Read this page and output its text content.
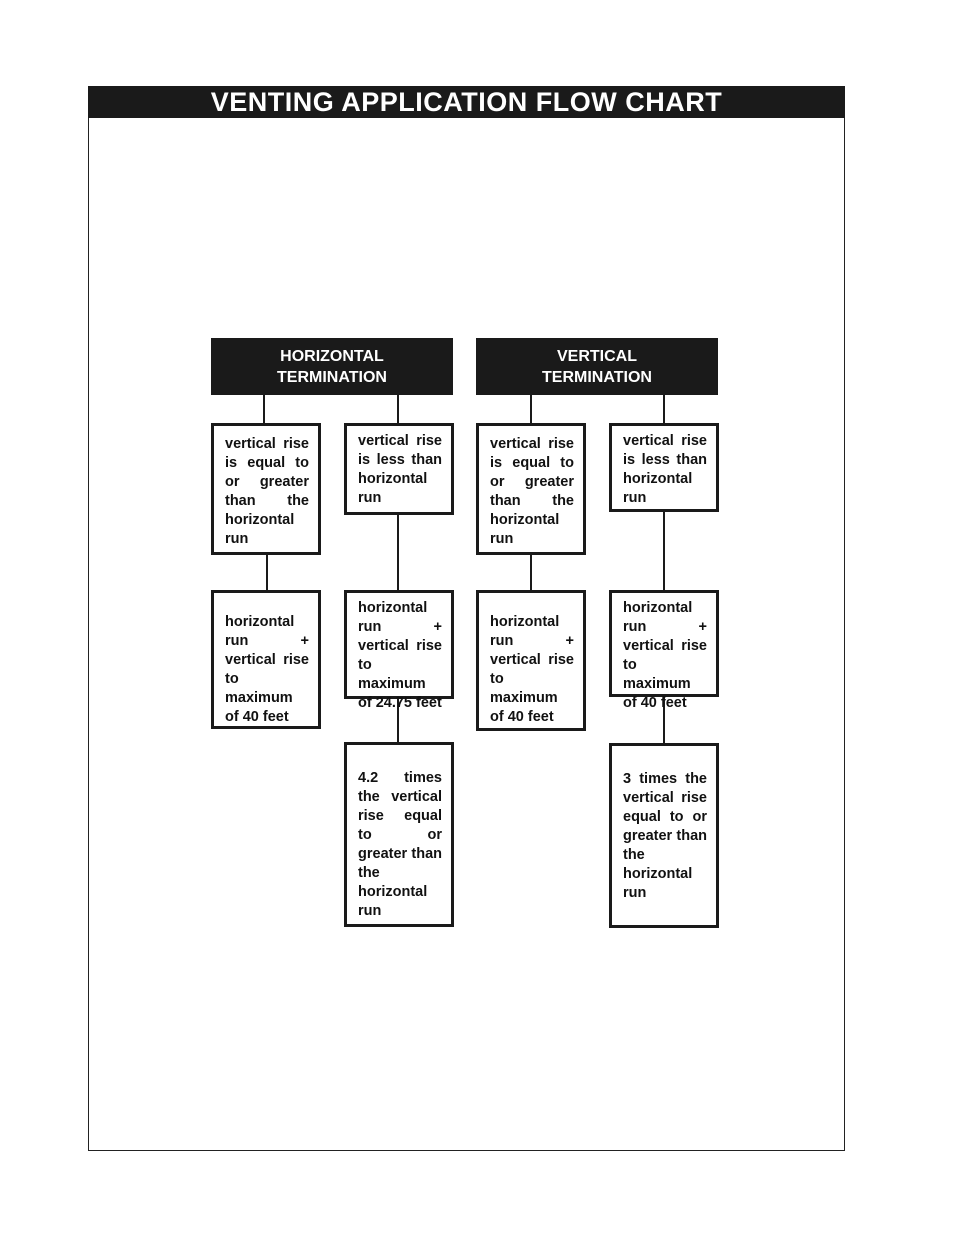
VENTING APPLICATION FLOW CHART
HORIZONTAL
TERMINATION
VERTICAL
TERMINATION
vertical rise is equal to or greater than the horizontal run
vertical rise is less than horizontal run
horizontal run + vertical rise to maximum of 40 feet
horizontal run + vertical rise to maximum of 24.75 feet
4.2 times the vertical rise equal to or greater than the horizontal run
vertical rise is equal to or greater than the horizontal run
vertical rise is less than horizontal run
horizontal run + vertical rise to maximum of 40 feet
horizontal run + vertical rise to maximum of 40 feet
3 times the vertical rise equal to or greater than the horizontal run
